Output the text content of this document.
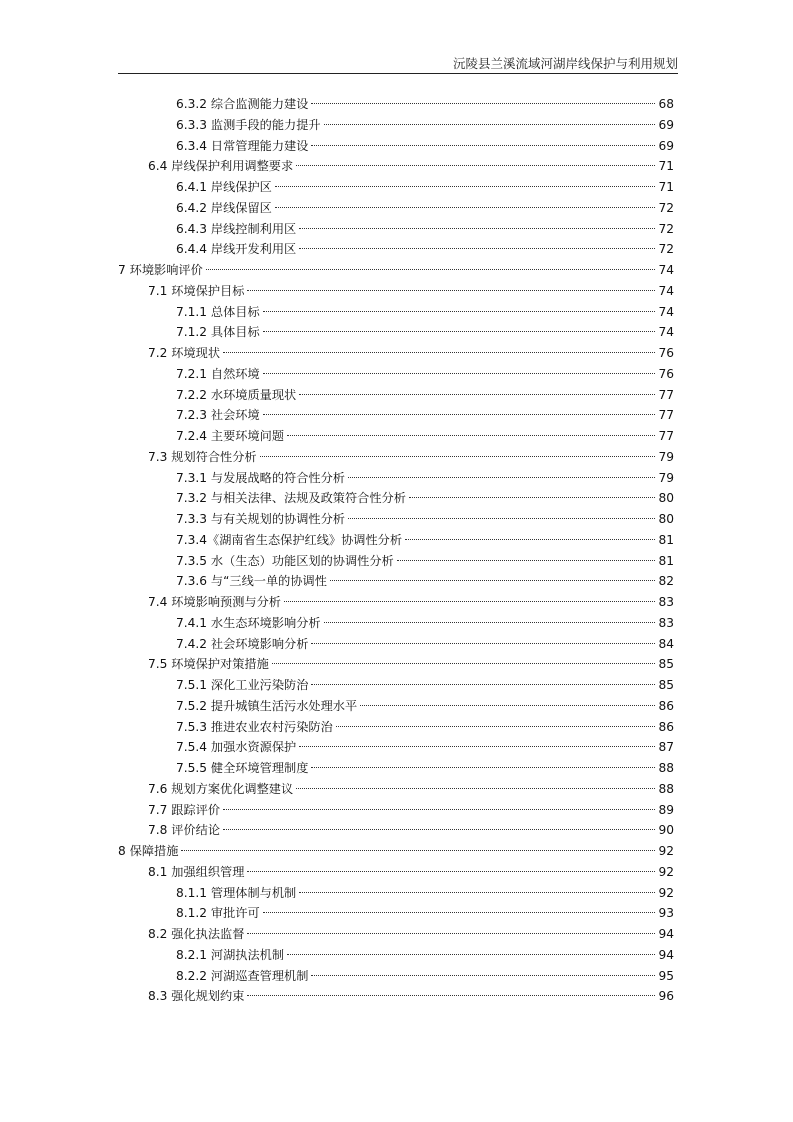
沅陵县兰溪流域河湖岸线保护与利用规划
6.3.2 综合监测能力建设	68
6.3.3 监测手段的能力提升	69
6.3.4 日常管理能力建设	69
6.4 岸线保护利用调整要求	71
6.4.1 岸线保护区	71
6.4.2 岸线保留区	72
6.4.3 岸线控制利用区	72
6.4.4 岸线开发利用区	72
7 环境影响评价	74
7.1 环境保护目标	74
7.1.1 总体目标	74
7.1.2 具体目标	74
7.2 环境现状	76
7.2.1 自然环境	76
7.2.2 水环境质量现状	77
7.2.3 社会环境	77
7.2.4 主要环境问题	77
7.3 规划符合性分析	79
7.3.1 与发展战略的符合性分析	79
7.3.2 与相关法律、法规及政策符合性分析	80
7.3.3 与有关规划的协调性分析	80
7.3.4《湖南省生态保护红线》协调性分析	81
7.3.5 水（生态）功能区划的协调性分析	81
7.3.6 与“三线一单的协调性	82
7.4 环境影响预测与分析	83
7.4.1 水生态环境影响分析	83
7.4.2 社会环境影响分析	84
7.5 环境保护对策措施	85
7.5.1 深化工业污染防治	85
7.5.2 提升城镇生活污水处理水平	86
7.5.3 推进农业农村污染防治	86
7.5.4 加强水资源保护	87
7.5.5 健全环境管理制度	88
7.6 规划方案优化调整建议	88
7.7 跟踪评价	89
7.8 评价结论	90
8 保障措施	92
8.1 加强组织管理	92
8.1.1 管理体制与机制	92
8.1.2 审批许可	93
8.2 强化执法监督	94
8.2.1 河湖执法机制	94
8.2.2 河湖巡查管理机制	95
8.3 强化规划约束	96
